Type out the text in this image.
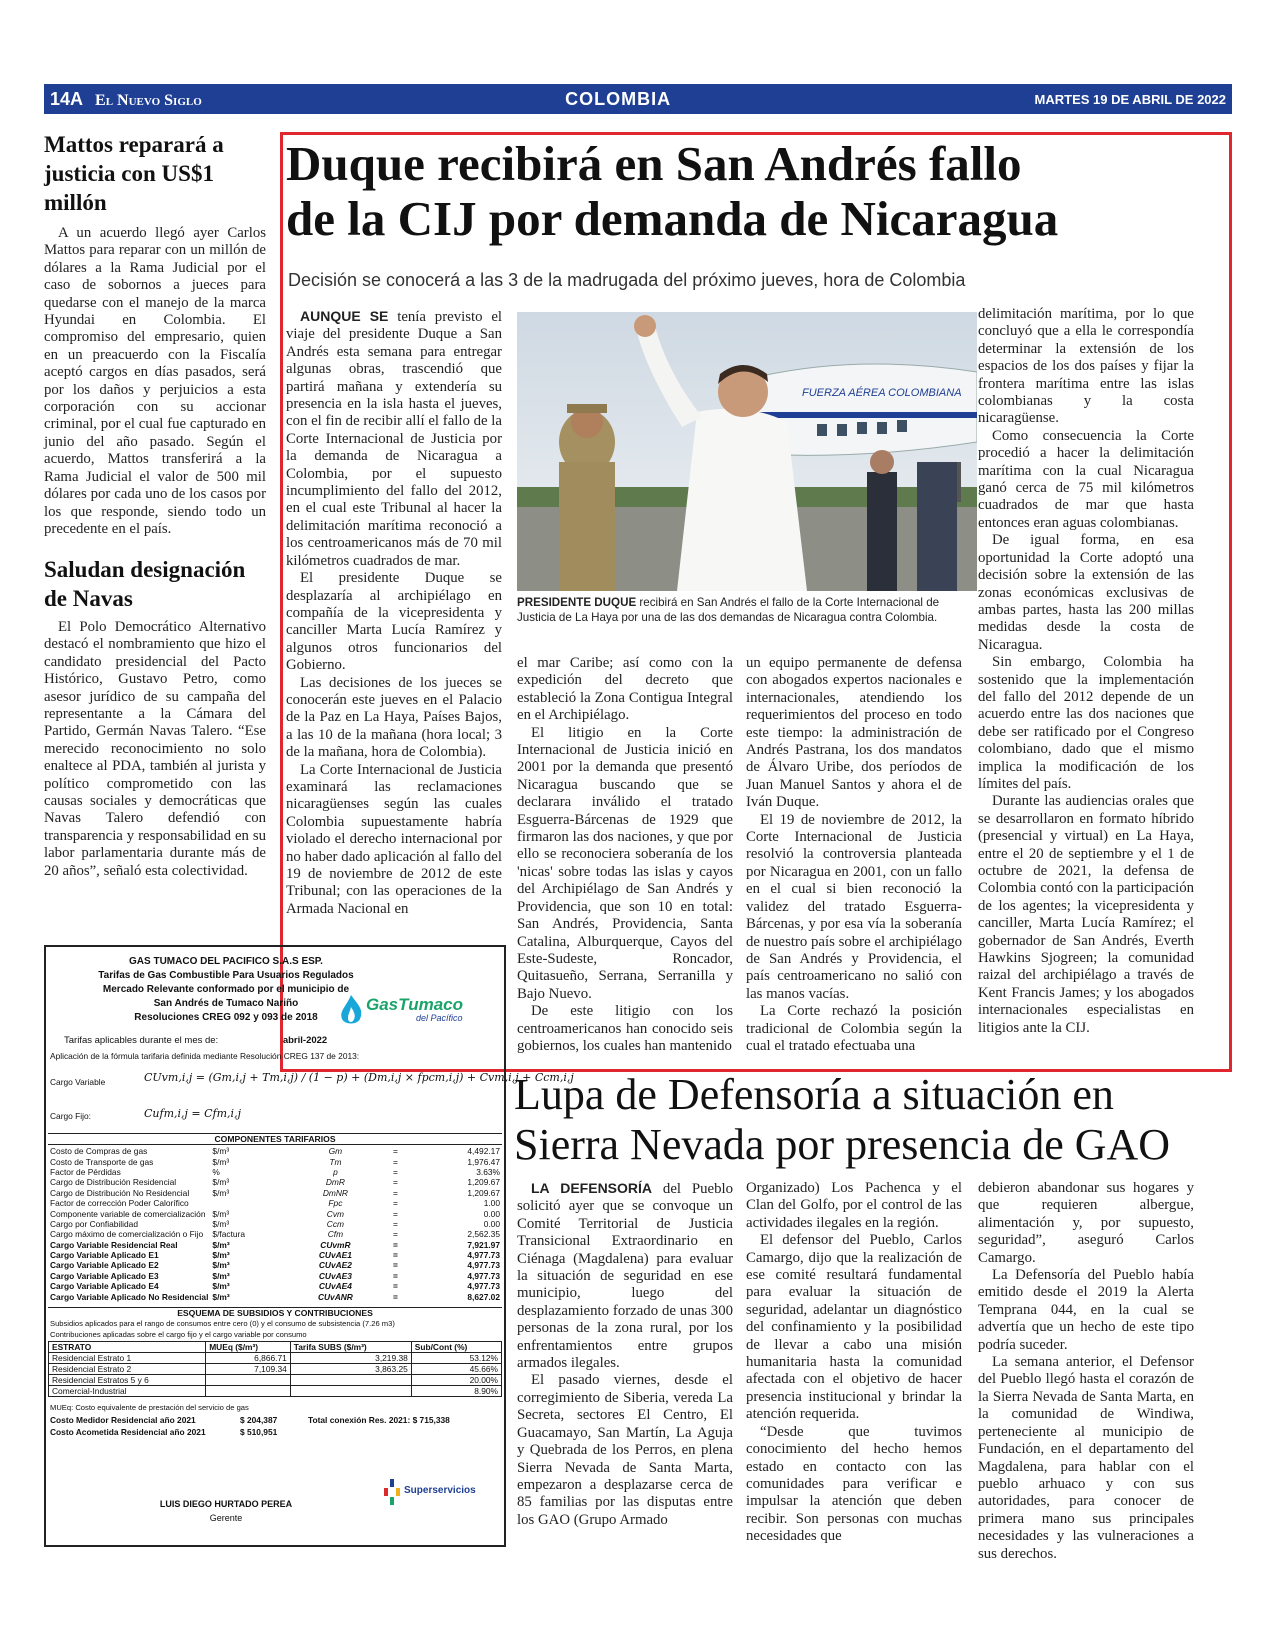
14A El Nuevo Siglo	COLOMBIA	MARTES 19 DE ABRIL DE 2022
Mattos reparará a justicia con US$1 millón

A un acuerdo llegó ayer Carlos Mattos para reparar con un millón de dólares a la Rama Judicial por el caso de sobornos a jueces para quedarse con el manejo de la marca Hyundai en Colombia. El compromiso del empresario, quien en un preacuerdo con la Fiscalía aceptó cargos en días pasados, será por los daños y perjuicios a esta corporación con su accionar criminal, por el cual fue capturado en junio del año pasado. Según el acuerdo, Mattos transferirá a la Rama Judicial el valor de 500 mil dólares por cada uno de los casos por los que responde, siendo todo un precedente en el país.

Saludan designación de Navas

El Polo Democrático Alternativo destacó el nombramiento que hizo el candidato presidencial del Pacto Histórico, Gustavo Petro, como asesor jurídico de su campaña del representante a la Cámara del Partido, Germán Navas Talero. “Ese merecido reconocimiento no solo enaltece al PDA, también al jurista y político comprometido con las causas sociales y democráticas que Navas Talero defendió con transparencia y responsabilidad en su labor parlamentaria durante más de 20 años”, señaló esta colectividad.

Duque recibirá en San Andrés fallo
de la CIJ por demanda de Nicaragua
Decisión se conocerá a las 3 de la madrugada del próximo jueves, hora de Colombia

AUNQUE SE tenía previsto el viaje del presidente Duque a San Andrés esta semana para entregar algunas obras, trascendió que partirá mañana y extendería su presencia en la isla hasta el jueves, con el fin de recibir allí el fallo de la Corte Internacional de Justicia por la demanda de Nicaragua a Colombia, por el supuesto incumplimiento del fallo del 2012, en el cual este Tribunal al hacer la delimitación marítima reconoció a los centroamericanos más de 70 mil kilómetros cuadrados de mar.

El presidente Duque se desplazaría al archipiélago en compañía de la vicepresidenta y canciller Marta Lucía Ramírez y algunos otros funcionarios del Gobierno.

Las decisiones de los jueces se conocerán este jueves en el Palacio de la Paz en La Haya, Países Bajos, a las 10 de la mañana (hora local; 3 de la mañana, hora de Colombia).

La Corte Internacional de Justicia examinará las reclamaciones nicaragüenses según las cuales Colombia supuestamente habría violado el derecho internacional por no haber dado aplicación al fallo del 19 de noviembre de 2012 de este Tribunal; con las operaciones de la Armada Nacional en

FUERZA AÉREA COLOMBIANA
PRESIDENTE DUQUE recibirá en San Andrés el fallo de la Corte Internacional de Justicia de La Haya por una de las dos demandas de Nicaragua contra Colombia.

el mar Caribe; así como con la expedición del decreto que estableció la Zona Contigua Integral en el Archipiélago.

El litigio en la Corte Internacional de Justicia inició en 2001 por la demanda que presentó Nicaragua buscando que se declarara inválido el tratado Esguerra-Bárcenas de 1929 que firmaron las dos naciones, y que por ello se reconociera soberanía de los 'nicas' sobre todas las islas y cayos del Archipiélago de San Andrés y Providencia, que son 10 en total: San Andrés, Providencia, Santa Catalina, Alburquerque, Cayos del Este-Sudeste, Roncador, Quitasueño, Serrana, Serranilla y Bajo Nuevo.

De este litigio con los centroamericanos han conocido seis gobiernos, los cuales han mantenido

un equipo permanente de defensa con abogados expertos nacionales e internacionales, atendiendo los requerimientos del proceso en todo este tiempo: la administración de Andrés Pastrana, los dos mandatos de Álvaro Uribe, dos períodos de Juan Manuel Santos y ahora el de Iván Duque.

El 19 de noviembre de 2012, la Corte Internacional de Justicia resolvió la controversia planteada por Nicaragua en 2001, con un fallo en el cual si bien reconoció la validez del tratado Esguerra-Bárcenas, y por esa vía la soberanía de nuestro país sobre el archipiélago de San Andrés y Providencia, el país centroamericano no salió con las manos vacías.

La Corte rechazó la posición tradicional de Colombia según la cual el tratado efectuaba una

delimitación marítima, por lo que concluyó que a ella le correspondía determinar la extensión de los espacios de los dos países y fijar la frontera marítima entre las islas colombianas y la costa nicaragüense.

Como consecuencia la Corte procedió a hacer la delimitación marítima con la cual Nicaragua ganó cerca de 75 mil kilómetros cuadrados de mar que hasta entonces eran aguas colombianas.

De igual forma, en esa oportunidad la Corte adoptó una decisión sobre la extensión de las zonas económicas exclusivas de ambas partes, hasta las 200 millas medidas desde la costa de Nicaragua.

Sin embargo, Colombia ha sostenido que la implementación del fallo del 2012 depende de un acuerdo entre las dos naciones que debe ser ratificado por el Congreso colombiano, dado que el mismo implica la modificación de los límites del país.

Durante las audiencias orales que se desarrollaron en formato híbrido (presencial y virtual) en La Haya, entre el 20 de septiembre y el 1 de octubre de 2021, la defensa de Colombia contó con la participación de los agentes; la vicepresidenta y canciller, Marta Lucía Ramírez; el gobernador de San Andrés, Everth Hawkins Sjogreen; la comunidad raizal del archipiélago a través de Kent Francis James; y los abogados internacionales especialistas en litigios ante la CIJ.

Lupa de Defensoría a situación en
Sierra Nevada por presencia de GAO

LA DEFENSORÍA del Pueblo solicitó ayer que se convoque un Comité Territorial de Justicia Transicional Extraordinario en Ciénaga (Magdalena) para evaluar la situación de seguridad en ese municipio, luego del desplazamiento forzado de unas 300 personas de la zona rural, por los enfrentamientos entre grupos armados ilegales.

El pasado viernes, desde el corregimiento de Siberia, vereda La Secreta, sectores El Centro, El Guacamayo, San Martín, La Aguja y Quebrada de los Perros, en plena Sierra Nevada de Santa Marta, empezaron a desplazarse cerca de 85 familias por las disputas entre los GAO (Grupo Armado

Organizado) Los Pachenca y el Clan del Golfo, por el control de las actividades ilegales en la región.

El defensor del Pueblo, Carlos Camargo, dijo que la realización de ese comité resultará fundamental para evaluar la situación de seguridad, adelantar un diagnóstico del confinamiento y la posibilidad de llevar a cabo una misión humanitaria hasta la comunidad afectada con el objetivo de hacer presencia institucional y brindar la atención requerida.

“Desde que tuvimos conocimiento del hecho hemos estado en contacto con las comunidades para verificar e impulsar la atención que deben recibir. Son personas con muchas necesidades que

debieron abandonar sus hogares y que requieren albergue, alimentación y, por supuesto, seguridad”, aseguró Carlos Camargo.

La Defensoría del Pueblo había emitido desde el 2019 la Alerta Temprana 044, en la cual se advertía que un hecho de este tipo podría suceder.

La semana anterior, el Defensor del Pueblo llegó hasta el corazón de la Sierra Nevada de Santa Marta, en la comunidad de Windiwa, perteneciente al municipio de Fundación, en el departamento del Magdalena, para hablar con el pueblo arhuaco y con sus autoridades, para conocer de primera mano sus principales necesidades y las vulneraciones a sus derechos.

GAS TUMACO DEL PACIFICO S.A.S ESP.
Tarifas de Gas Combustible Para Usuarios Regulados
Mercado Relevante conformado por el municipio de
San Andrés de Tumaco Nariño
Resoluciones CREG 092 y 093 de 2018
GasTumaco
del Pacífico
Tarifas aplicables durante el mes de:	abril-2022
Aplicación de la fórmula tarifaria definida mediante Resolución CREG 137 de 2013:
Cargo Variable	CUvm,i,j = (Gm,i,j + Tm,i,j) / (1 − p) + (Dm,i,j × fpcm,i,j) + Cvm,i,j + Ccm,i,j
Cargo Fijo:	Cufm,i,j = Cfm,i,j
COMPONENTES TARIFARIOS
Costo de Compras de gas	$/m³	Gm	=	4,492.17
Costo de Transporte de gas	$/m³	Tm	=	1,976.47
Factor de Pérdidas	%	p	=	3.63%
Cargo de Distribución Residencial	$/m³	DmR	=	1,209.67
Cargo de Distribución No Residencial	$/m³	DmNR	=	1,209.67
Factor de corrección Poder Calorífico		Fpc	=	1.00
Componente variable de comercialización	$/m³	Cvm	=	0.00
Cargo por Confiabilidad	$/m³	Ccm	=	0.00
Cargo máximo de comercialización o Fijo	$/factura	Cfm	=	2,562.35
Cargo Variable Residencial Real	$/m³	CUvmR	=	7,921.97
Cargo Variable Aplicado E1	$/m³	CUvAE1	=	4,977.73
Cargo Variable Aplicado E2	$/m³	CUvAE2	=	4,977.73
Cargo Variable Aplicado E3	$/m³	CUvAE3	=	4,977.73
Cargo Variable Aplicado E4	$/m³	CUvAE4	=	4,977.73
Cargo Variable Aplicado No Residencial	$/m³	CUvANR	=	8,627.02
ESQUEMA DE SUBSIDIOS Y CONTRIBUCIONES
Subsidios aplicados para el rango de consumos entre cero (0) y el consumo de subsistencia (7.26 m3)
Contribuciones aplicadas sobre el cargo fijo y el cargo variable por consumo
ESTRATO	MUEq ($/m³)	Tarifa SUBS ($/m³)	Sub/Cont (%)
Residencial Estrato 1	6,866.71	3,219.38	53.12%
Residencial Estrato 2	7,109.34	3,863.25	45.66%
Residencial Estratos 5 y 6			20.00%
Comercial-Industrial			8.90%
MUEq: Costo equivalente de prestación del servicio de gas
Costo Medidor Residencial año 2021	$ 204,387	Total conexión Res. 2021: $ 715,338
Costo Acometida Residencial año 2021	$ 510,951
LUIS DIEGO HURTADO PEREA
Gerente
Superservicios
